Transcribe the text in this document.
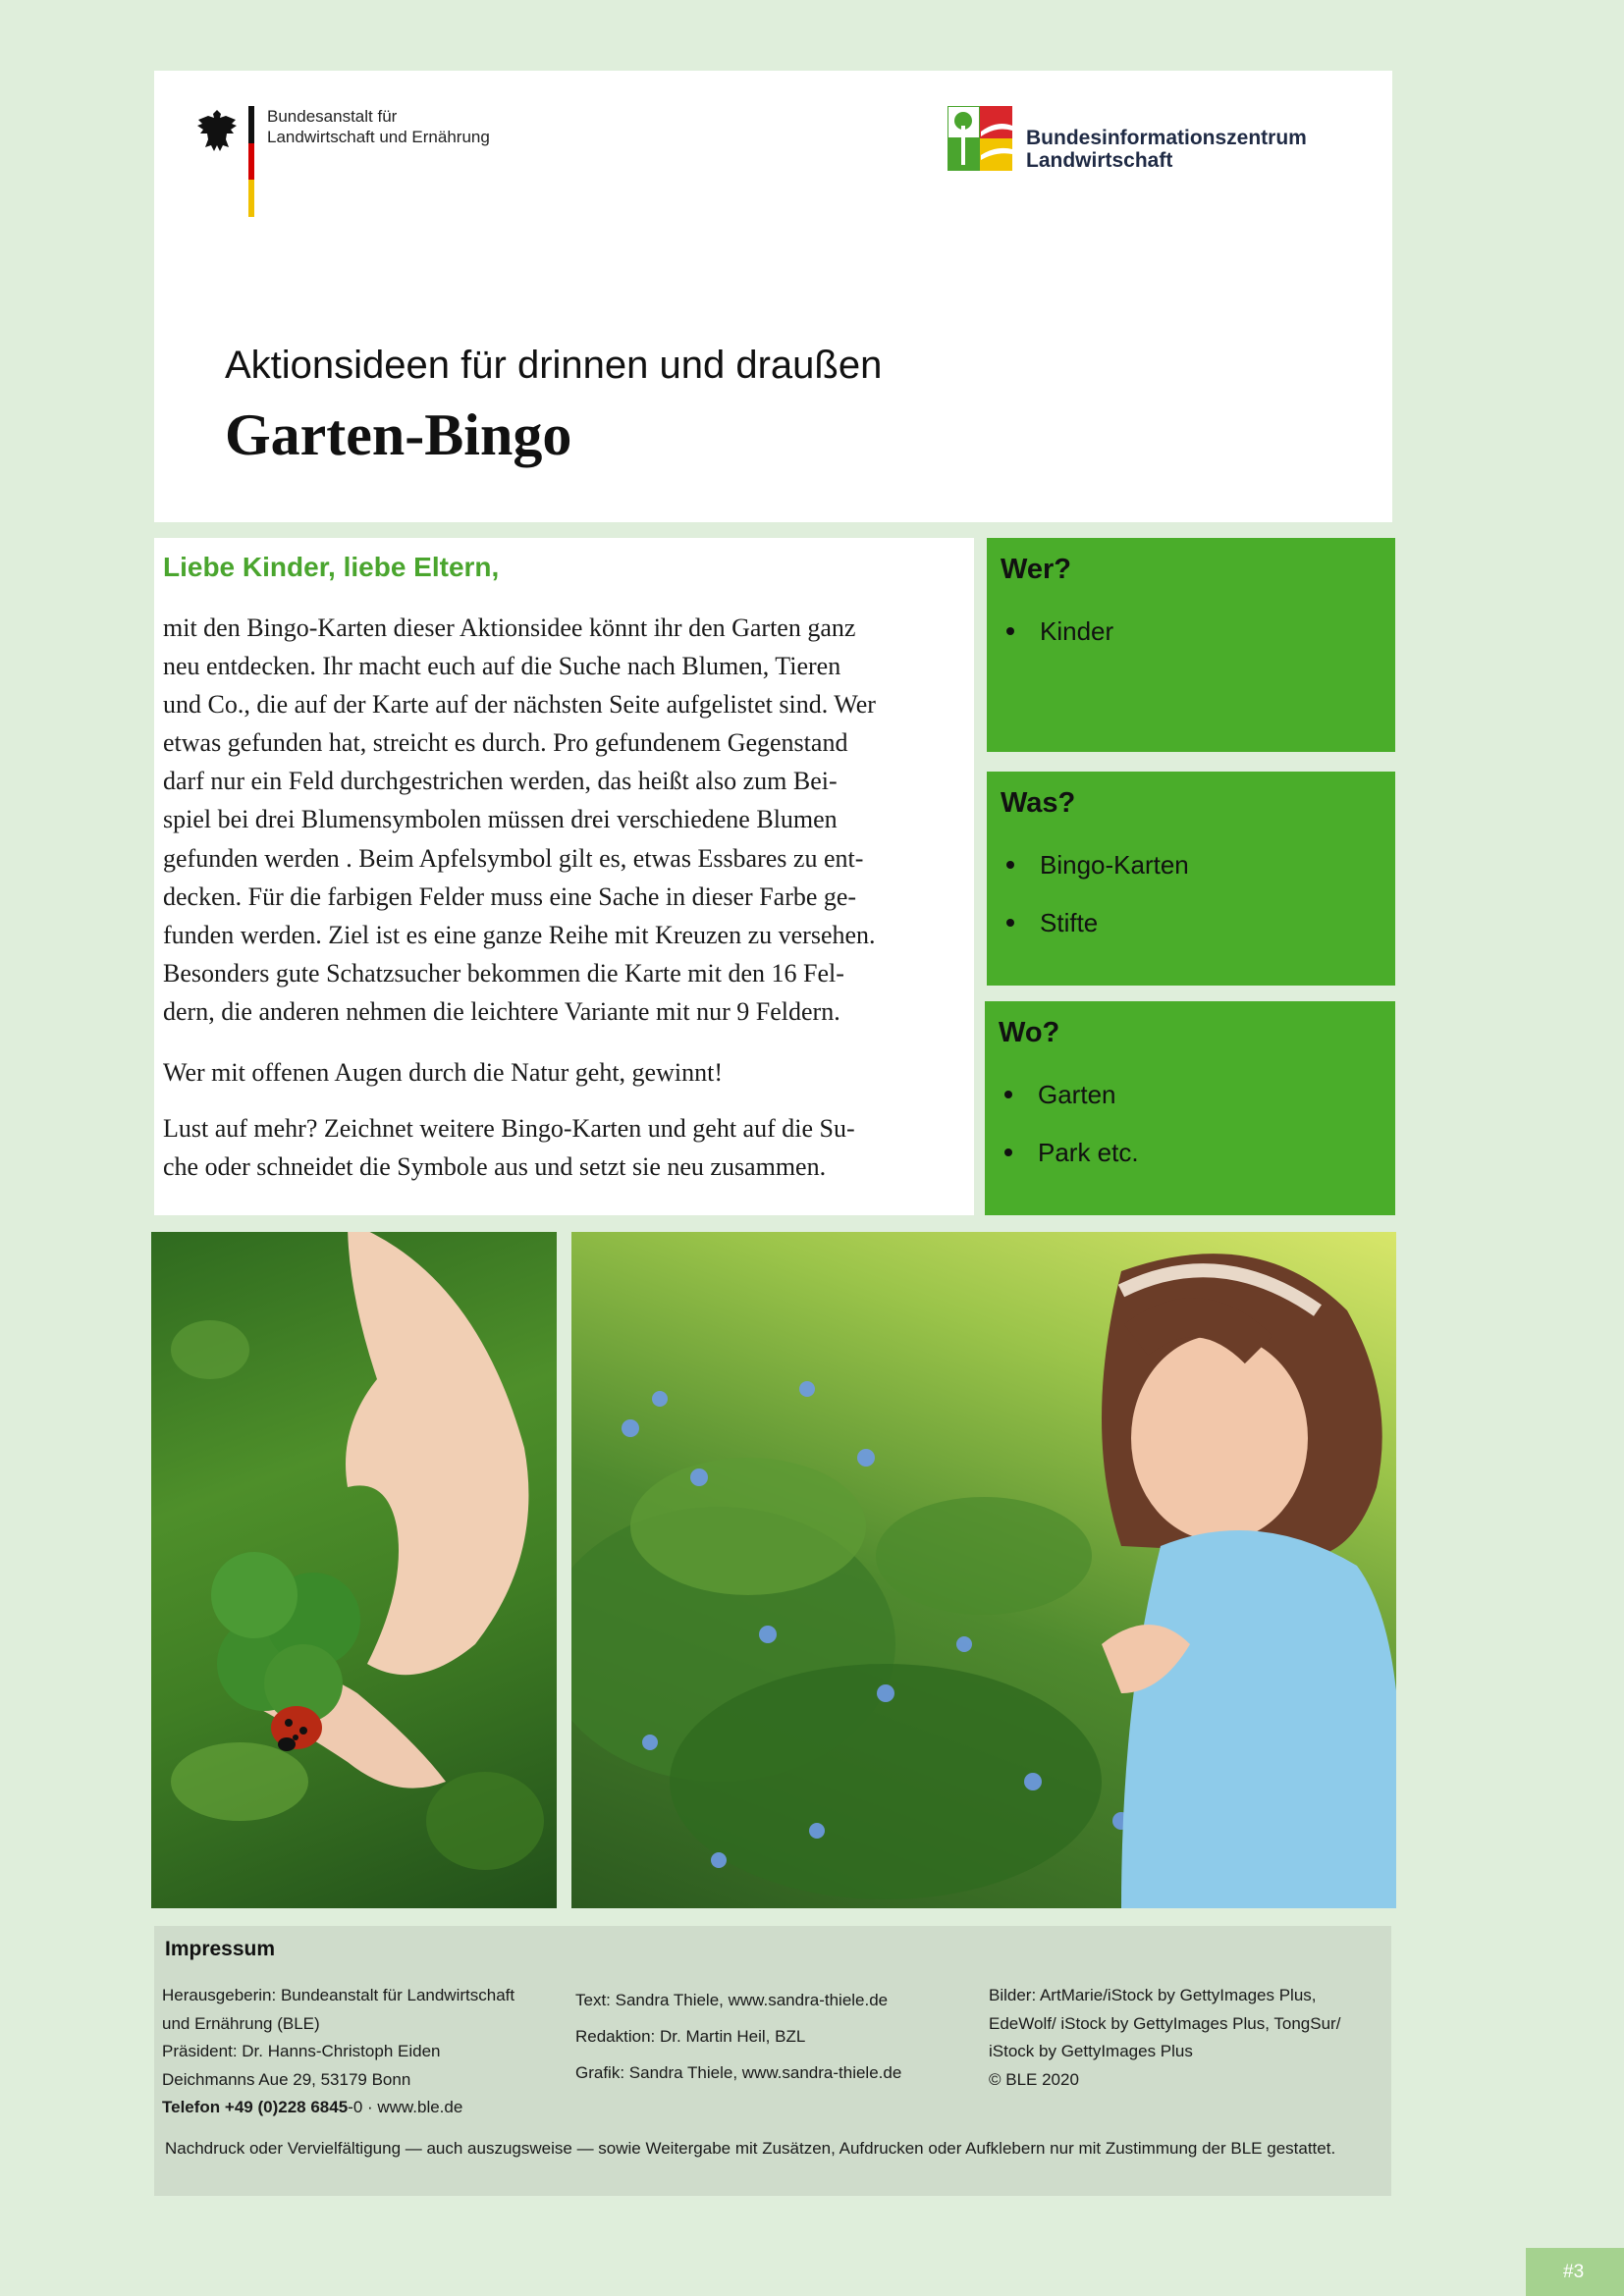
Bundesanstalt für
Landwirtschaft und Ernährung	Bundesinformationszentrum
Landwirtschaft
Aktionsideen für drinnen und draußen
Garten-Bingo
Liebe Kinder, liebe Eltern,
mit den Bingo-Karten dieser Aktionsidee könnt ihr den Garten ganz
neu entdecken. Ihr macht euch auf die Suche nach Blumen, Tieren
und Co., die auf der Karte auf der nächsten Seite aufgelistet sind. Wer
etwas gefunden hat, streicht es durch. Pro gefundenem Gegenstand
darf nur ein Feld durchgestrichen werden, das heißt also zum Bei-
spiel bei drei Blumensymbolen müssen drei verschiedene Blumen
gefunden werden . Beim Apfelsymbol gilt es, etwas Essbares zu ent-
decken. Für die farbigen Felder muss eine Sache in dieser Farbe ge-
funden werden. Ziel ist es eine ganze Reihe mit Kreuzen zu versehen.
Besonders gute Schatzsucher bekommen die Karte mit den 16 Fel-
dern, die anderen nehmen die leichtere Variante mit nur 9 Feldern.
Wer mit offenen Augen durch die Natur geht, gewinnt!
Lust auf mehr? Zeichnet weitere Bingo-Karten und geht auf die Su-
che oder schneidet die Symbole aus und setzt sie neu zusammen.
Wer?
Kinder
Was?
Bingo-Karten
Stifte
Wo?
Garten
Park etc.
Impressum
Herausgeberin: Bundeanstalt für Landwirtschaft
und Ernährung (BLE)
Präsident: Dr. Hanns-Christoph Eiden
Deichmanns Aue 29, 53179 Bonn
Telefon +49 (0)228 6845-0 · www.ble.de
Text: Sandra Thiele, www.sandra-thiele.de
Redaktion: Dr. Martin Heil, BZL
Grafik: Sandra Thiele, www.sandra-thiele.de
Bilder: ArtMarie/iStock by GettyImages Plus,
EdeWolf/ iStock by GettyImages Plus, TongSur/
iStock by GettyImages Plus
© BLE 2020
Nachdruck oder Vervielfältigung — auch auszugsweise — sowie Weitergabe mit Zusätzen, Aufdrucken oder Aufklebern nur mit Zustimmung der BLE gestattet.
#3
